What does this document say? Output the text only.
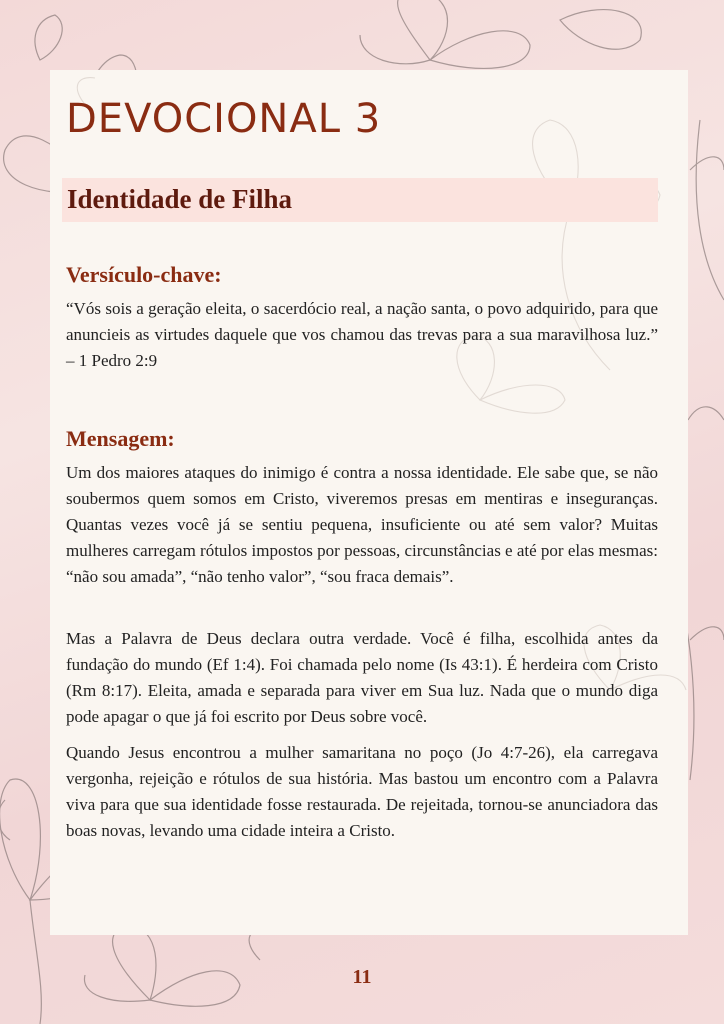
DEVOCIONAL 3
Identidade de Filha
Versículo-chave:

“Vós sois a geração eleita, o sacerdócio real, a nação santa, o povo adquirido, para que anuncieis as virtudes daquele que vos chamou das trevas para a sua maravilhosa luz.” – 1 Pedro 2:9

Mensagem:

Um dos maiores ataques do inimigo é contra a nossa identidade. Ele sabe que, se não soubermos quem somos em Cristo, viveremos presas em mentiras e inseguranças. Quantas vezes você já se sentiu pequena, insuficiente ou até sem valor? Muitas mulheres carregam rótulos impostos por pessoas, circunstâncias e até por elas mesmas: “não sou amada”, “não tenho valor”, “sou fraca demais”.

Mas a Palavra de Deus declara outra verdade. Você é filha, escolhida antes da fundação do mundo (Ef 1:4). Foi chamada pelo nome (Is 43:1). É herdeira com Cristo (Rm 8:17). Eleita, amada e separada para viver em Sua luz. Nada que o mundo diga pode apagar o que já foi escrito por Deus sobre você.

Quando Jesus encontrou a mulher samaritana no poço (Jo 4:7-26), ela carregava vergonha, rejeição e rótulos de sua história. Mas bastou um encontro com a Palavra viva para que sua identidade fosse restaurada. De rejeitada, tornou-se anunciadora das boas novas, levando uma cidade inteira a Cristo.

11
